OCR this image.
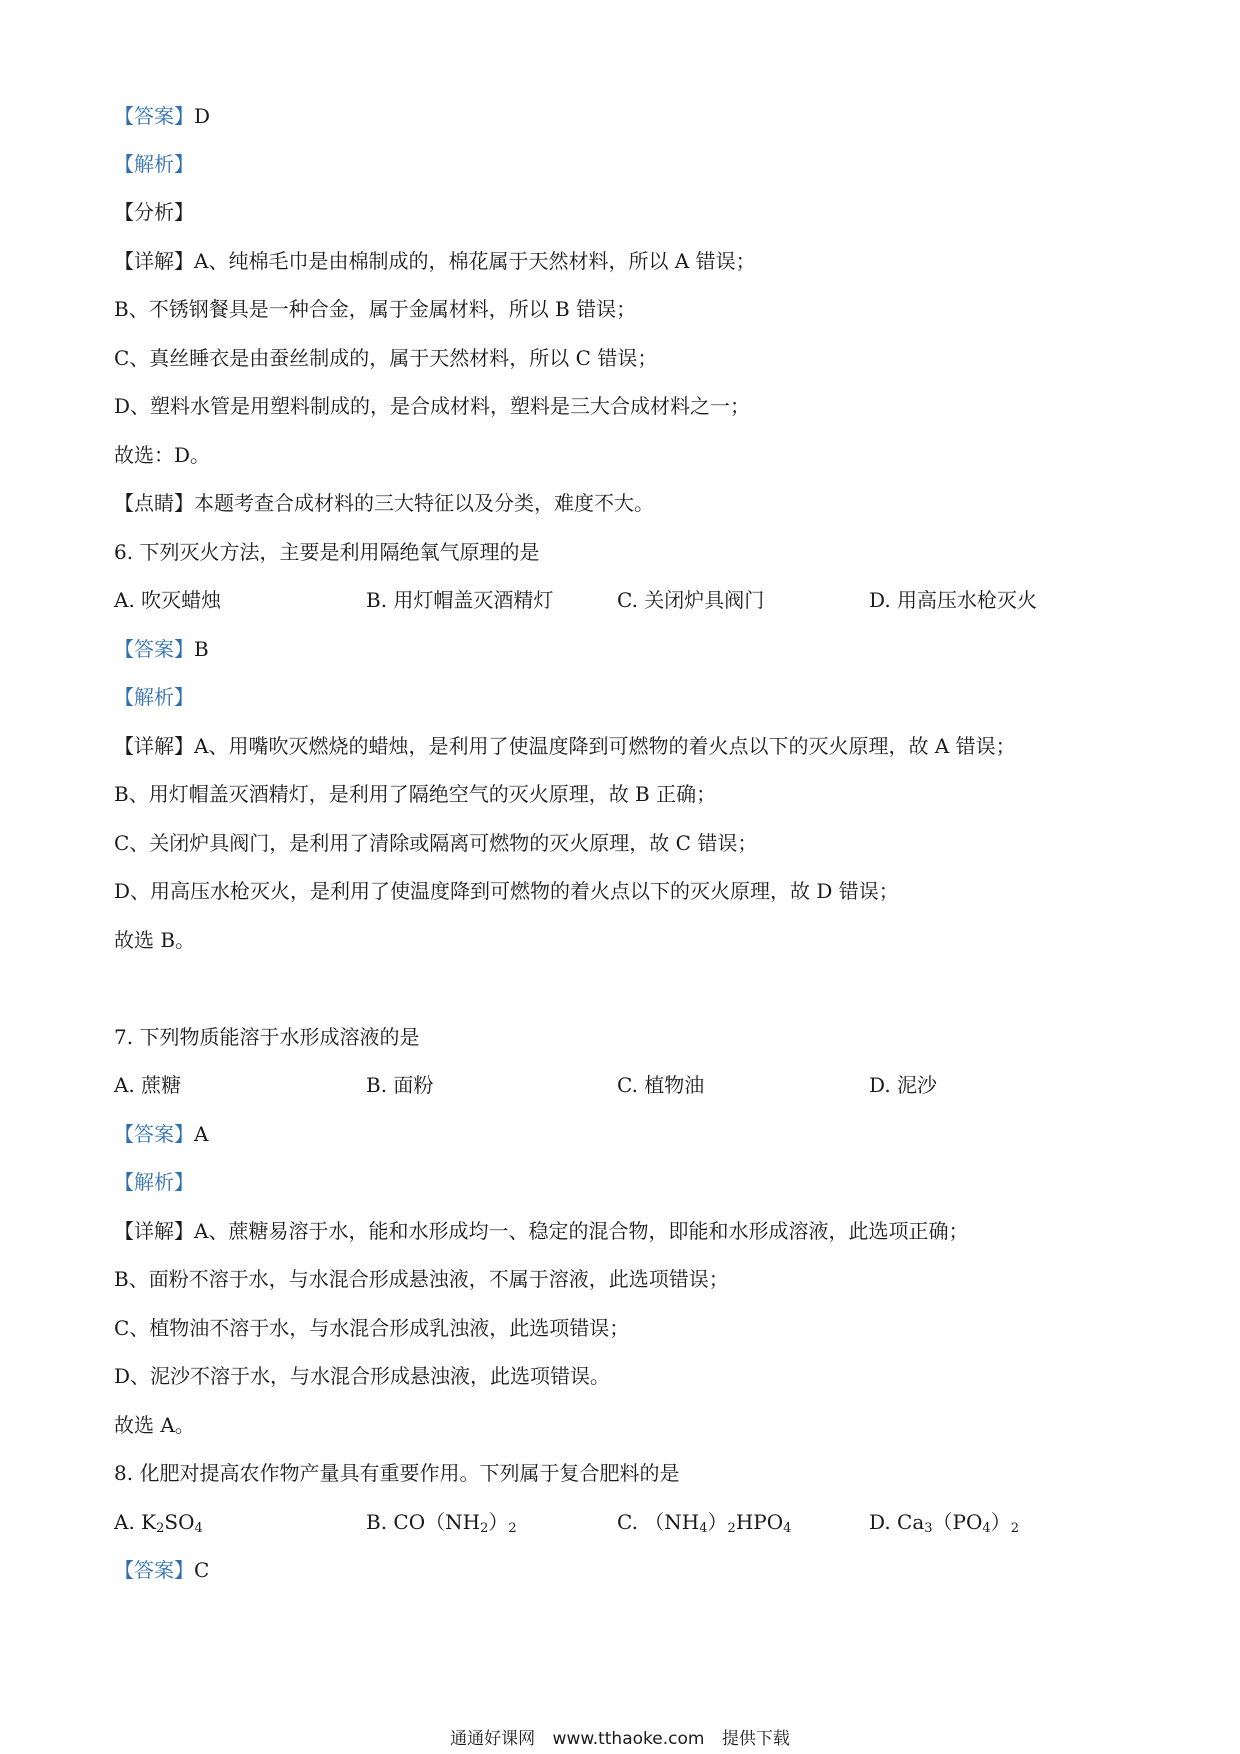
【答案】D
【解析】
【分析】
【详解】A、纯棉毛巾是由棉制成的，棉花属于天然材料，所以 A 错误；
B、不锈钢餐具是一种合金，属于金属材料，所以 B 错误；
C、真丝睡衣是由蚕丝制成的，属于天然材料，所以 C 错误；
D、塑料水管是用塑料制成的，是合成材料，塑料是三大合成材料之一；
故选：D。
【点睛】本题考查合成材料的三大特征以及分类，难度不大。
6. 下列灭火方法，主要是利用隔绝氧气原理的是
A. 吹灭蜡烛	B. 用灯帽盖灭酒精灯	C. 关闭炉具阀门	D. 用高压水枪灭火
【答案】B
【解析】
【详解】A、用嘴吹灭燃烧的蜡烛，是利用了使温度降到可燃物的着火点以下的灭火原理，故 A 错误；
B、用灯帽盖灭酒精灯，是利用了隔绝空气的灭火原理，故 B 正确；
C、关闭炉具阀门，是利用了清除或隔离可燃物的灭火原理，故 C 错误；
D、用高压水枪灭火，是利用了使温度降到可燃物的着火点以下的灭火原理，故 D 错误；
故选 B。
7. 下列物质能溶于水形成溶液的是
A. 蔗糖	B. 面粉	C. 植物油	D. 泥沙
【答案】A
【解析】
【详解】A、蔗糖易溶于水，能和水形成均一、稳定的混合物，即能和水形成溶液，此选项正确；
B、面粉不溶于水，与水混合形成悬浊液，不属于溶液，此选项错误；
C、植物油不溶于水，与水混合形成乳浊液，此选项错误；
D、泥沙不溶于水，与水混合形成悬浊液，此选项错误。
故选 A。
8. 化肥对提高农作物产量具有重要作用。下列属于复合肥料的是
A. $K_2SO_4$	B. $CO(NH_2)_2$	C. $(NH_4)_2HPO_4$	D. $Ca_3(PO_4)_2$
【答案】C
通通好课网 www.tthaoke.com 提供下载
